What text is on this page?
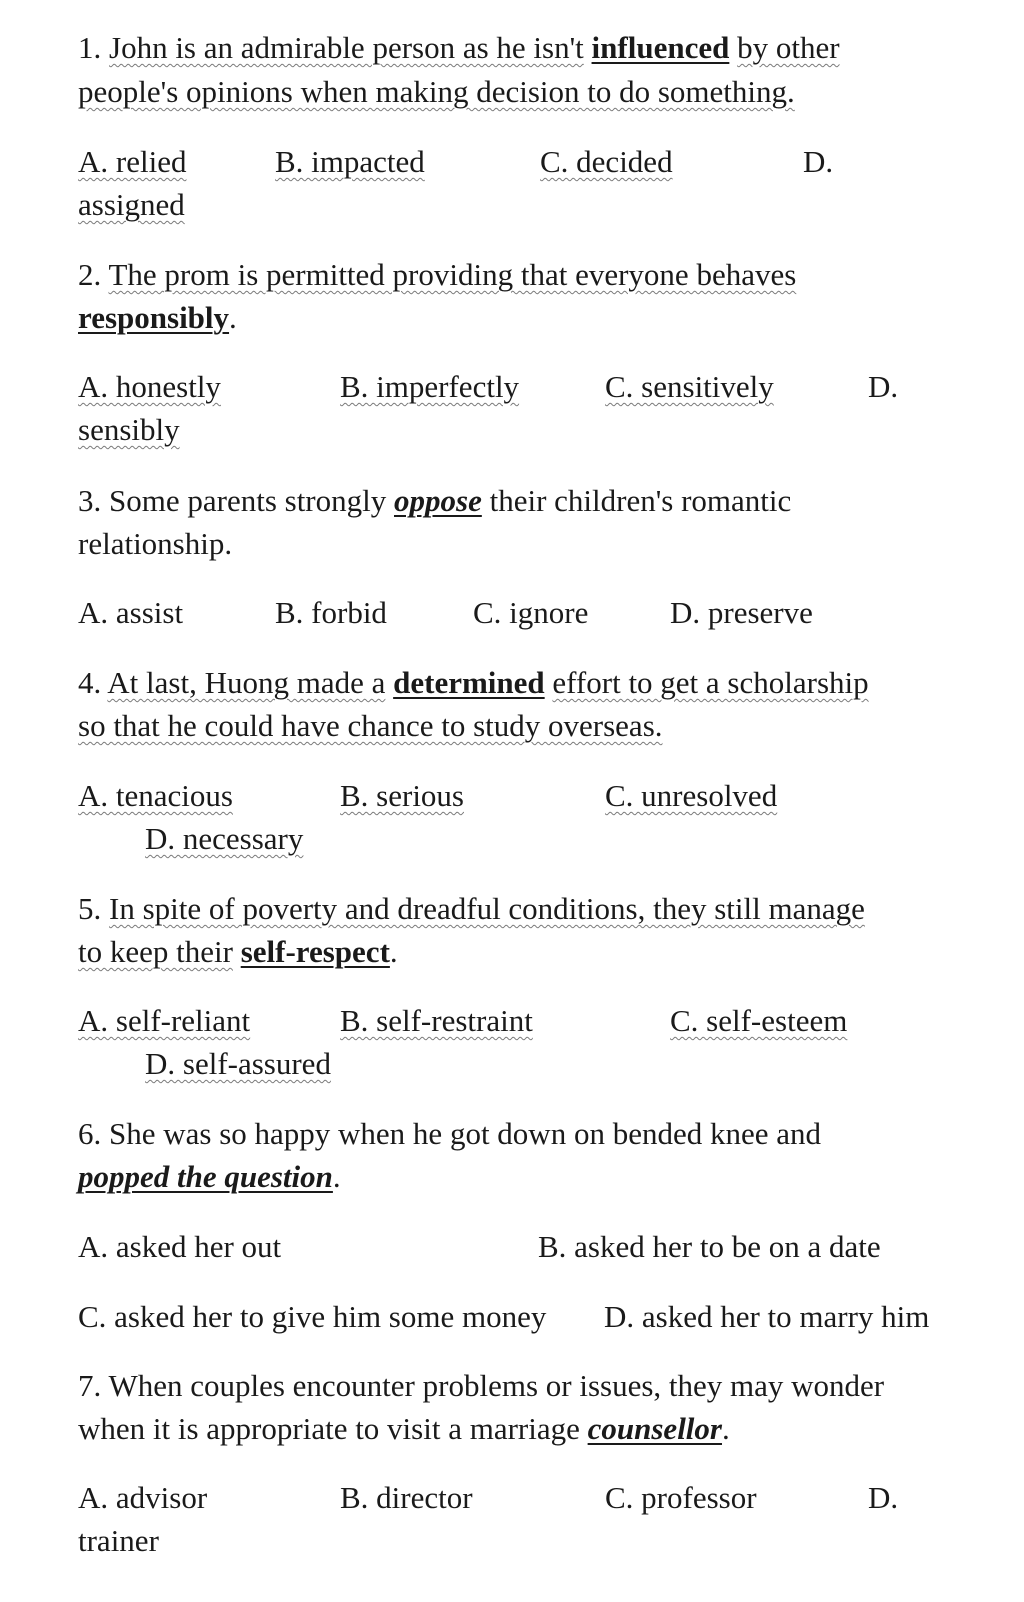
1. John is an admirable person as he isn't influenced by other

people's opinions when making decision to do something.

A. relied	B. impacted	C. decided	D.

assigned

2. The prom is permitted providing that everyone behaves

responsibly.

A. honestly	B. imperfectly	C. sensitively	D.

sensibly

3. Some parents strongly oppose their children's romantic

relationship.

A. assist	B. forbid	C. ignore	D. preserve

4. At last, Huong made a determined effort to get a scholarship

so that he could have chance to study overseas.

A. tenacious	B. serious	C. unresolved

D. necessary

5. In spite of poverty and dreadful conditions, they still manage

to keep their self-respect.

A. self-reliant	B. self-restraint	C. self-esteem

D. self-assured

6. She was so happy when he got down on bended knee and

popped the question.

A. asked her out	B. asked her to be on a date

C. asked her to give him some money D. asked her to marry him

7. When couples encounter problems or issues, they may wonder

when it is appropriate to visit a marriage counsellor.

A. advisor	B. director	C. professor	D.

trainer
